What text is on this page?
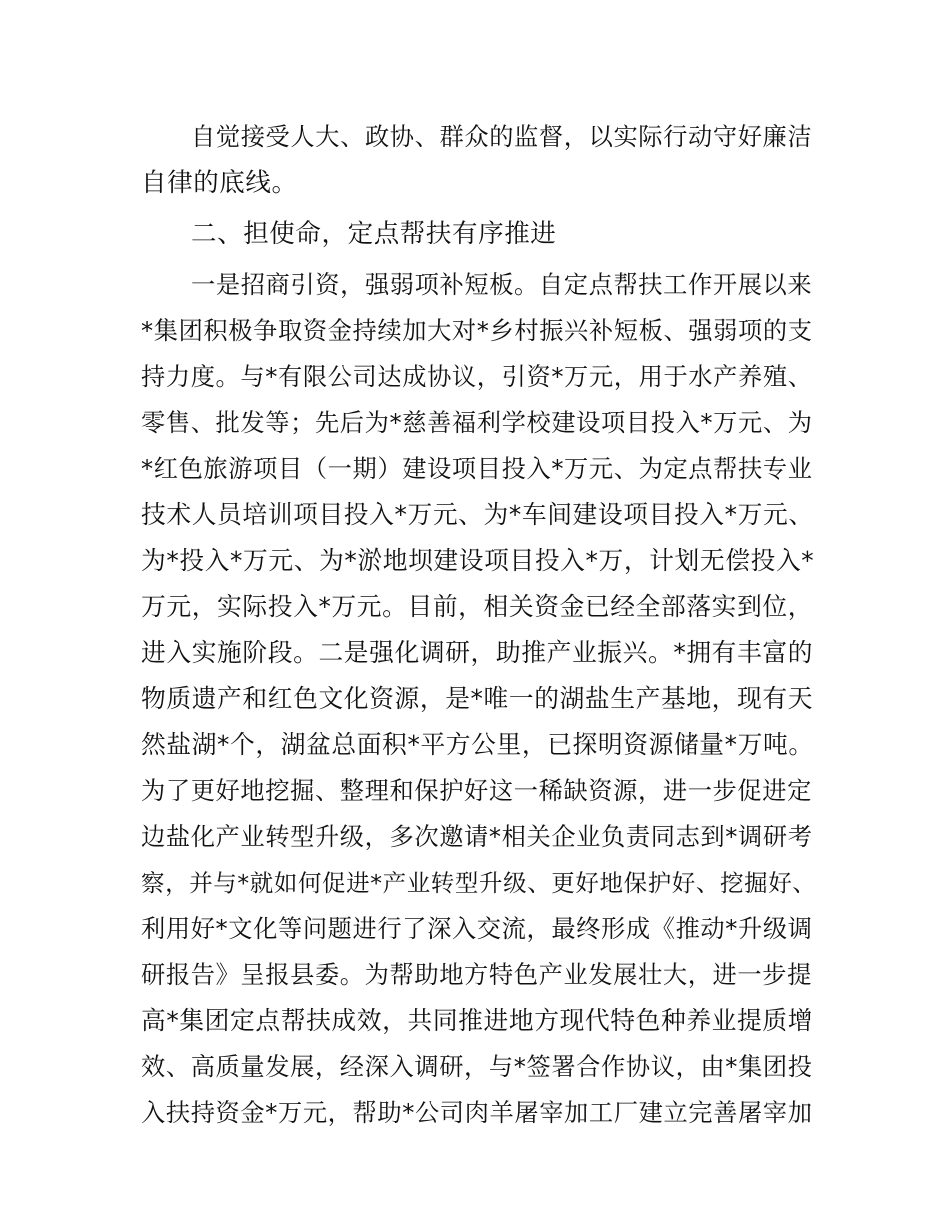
自觉接受人大、政协、群众的监督，以实际行动守好廉洁

自律的底线。

二、担使命，定点帮扶有序推进

一是招商引资，强弱项补短板。自定点帮扶工作开展以来

*集团积极争取资金持续加大对*乡村振兴补短板、强弱项的支

持力度。与*有限公司达成协议，引资*万元，用于水产养殖、

零售、批发等；先后为*慈善福利学校建设项目投入*万元、为

*红色旅游项目（一期）建设项目投入*万元、为定点帮扶专业

技术人员培训项目投入*万元、为*车间建设项目投入*万元、

为*投入*万元、为*淤地坝建设项目投入*万，计划无偿投入*

万元，实际投入*万元。目前，相关资金已经全部落实到位，

进入实施阶段。二是强化调研，助推产业振兴。*拥有丰富的

物质遗产和红色文化资源，是*唯一的湖盐生产基地，现有天

然盐湖*个，湖盆总面积*平方公里，已探明资源储量*万吨。

为了更好地挖掘、整理和保护好这一稀缺资源，进一步促进定

边盐化产业转型升级，多次邀请*相关企业负责同志到*调研考

察，并与*就如何促进*产业转型升级、更好地保护好、挖掘好、

利用好*文化等问题进行了深入交流，最终形成《推动*升级调

研报告》呈报县委。为帮助地方特色产业发展壮大，进一步提

高*集团定点帮扶成效，共同推进地方现代特色种养业提质增

效、高质量发展，经深入调研，与*签署合作协议，由*集团投

入扶持资金*万元，帮助*公司肉羊屠宰加工厂建立完善屠宰加
